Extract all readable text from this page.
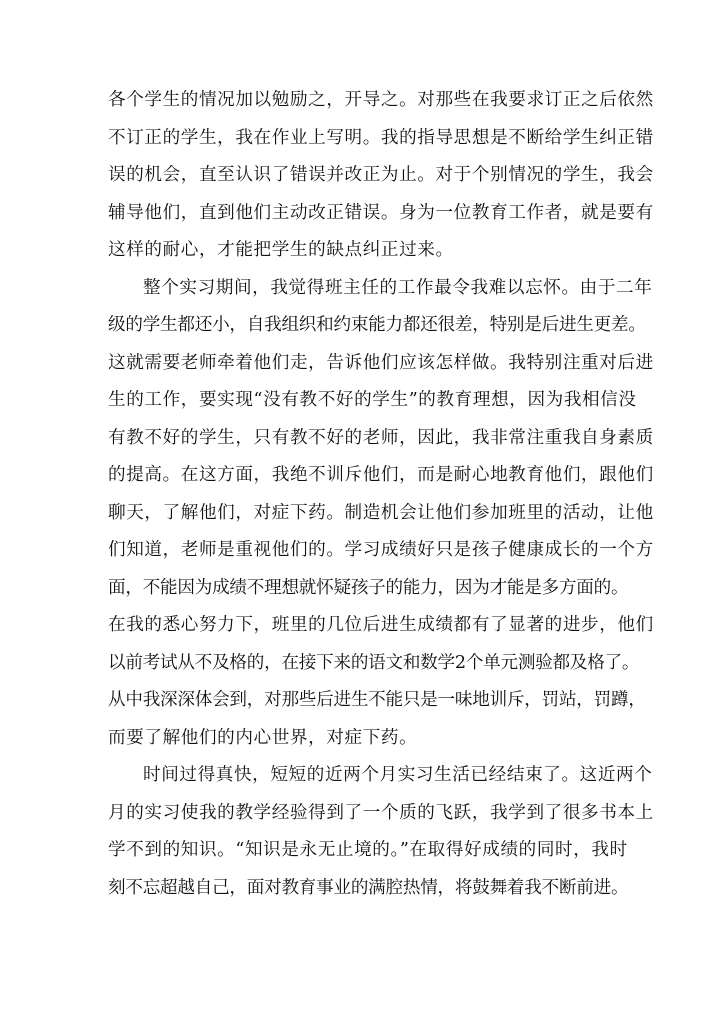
各个学生的情况加以勉励之，开导之。对那些在我要求订正之后依然
不订正的学生，我在作业上写明。我的指导思想是不断给学生纠正错
误的机会，直至认识了错误并改正为止。对于个别情况的学生，我会
辅导他们，直到他们主动改正错误。身为一位教育工作者，就是要有
这样的耐心，才能把学生的缺点纠正过来。
整个实习期间，我觉得班主任的工作最令我难以忘怀。由于二年
级的学生都还小，自我组织和约束能力都还很差，特别是后进生更差。
这就需要老师牵着他们走，告诉他们应该怎样做。我特别注重对后进
生的工作，要实现“没有教不好的学生”的教育理想，因为我相信没
有教不好的学生，只有教不好的老师，因此，我非常注重我自身素质
的提高。在这方面，我绝不训斥他们，而是耐心地教育他们，跟他们
聊天，了解他们，对症下药。制造机会让他们参加班里的活动，让他
们知道，老师是重视他们的。学习成绩好只是孩子健康成长的一个方
面，不能因为成绩不理想就怀疑孩子的能力，因为才能是多方面的。
在我的悉心努力下，班里的几位后进生成绩都有了显著的进步，他们
以前考试从不及格的，在接下来的语文和数学2个单元测验都及格了。
从中我深深体会到，对那些后进生不能只是一味地训斥，罚站，罚蹲，
而要了解他们的内心世界，对症下药。
时间过得真快，短短的近两个月实习生活已经结束了。这近两个
月的实习使我的教学经验得到了一个质的飞跃，我学到了很多书本上
学不到的知识。“知识是永无止境的。”在取得好成绩的同时，我时
刻不忘超越自己，面对教育事业的满腔热情，将鼓舞着我不断前进。
